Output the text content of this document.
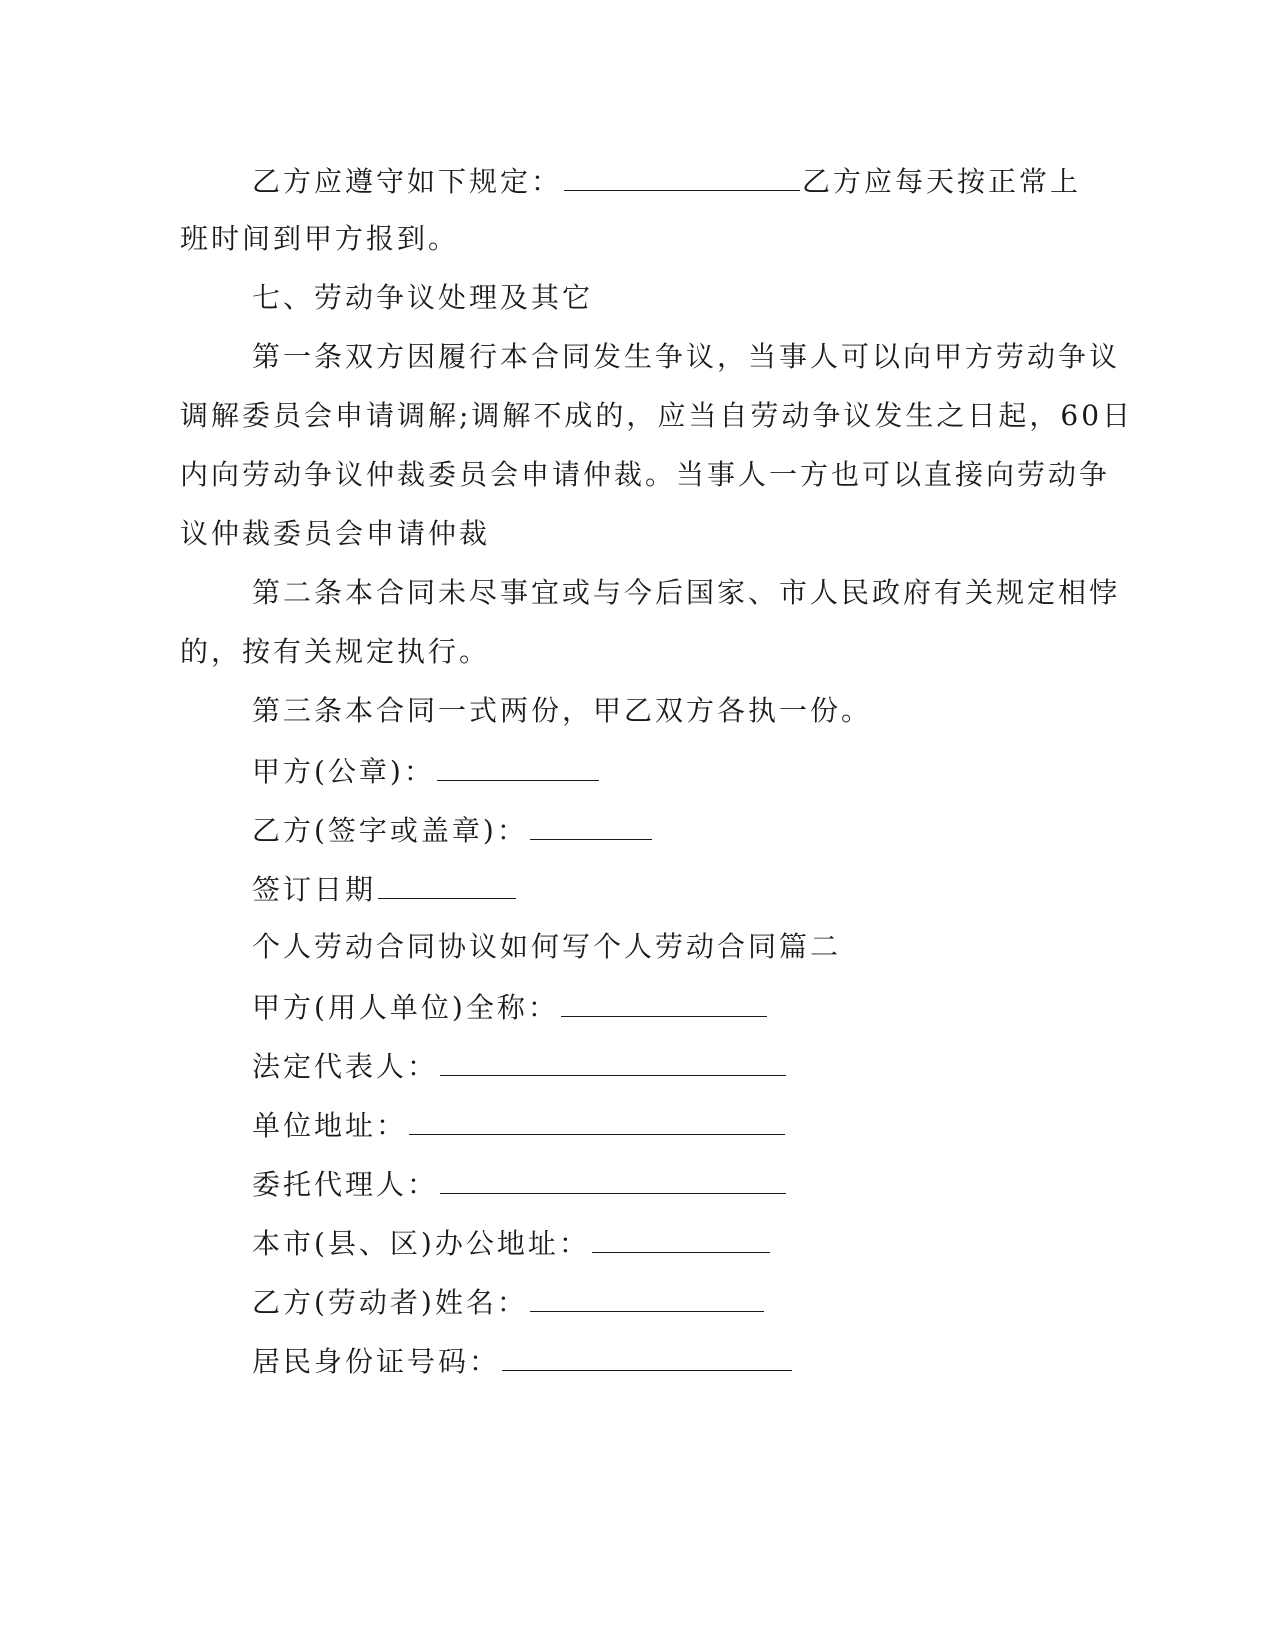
乙方应遵守如下规定：	乙方应每天按正常上
班时间到甲方报到。
七、劳动争议处理及其它
第一条双方因履行本合同发生争议，当事人可以向甲方劳动争议
调解委员会申请调解;调解不成的，应当自劳动争议发生之日起，60日
内向劳动争议仲裁委员会申请仲裁。当事人一方也可以直接向劳动争
议仲裁委员会申请仲裁
第二条本合同未尽事宜或与今后国家、市人民政府有关规定相悖
的，按有关规定执行。
第三条本合同一式两份，甲乙双方各执一份。
甲方(公章)：
乙方(签字或盖章)：
签订日期
个人劳动合同协议如何写个人劳动合同篇二
甲方(用人单位)全称：
法定代表人：
单位地址：
委托代理人：
本市(县、区)办公地址：
乙方(劳动者)姓名：
居民身份证号码：
